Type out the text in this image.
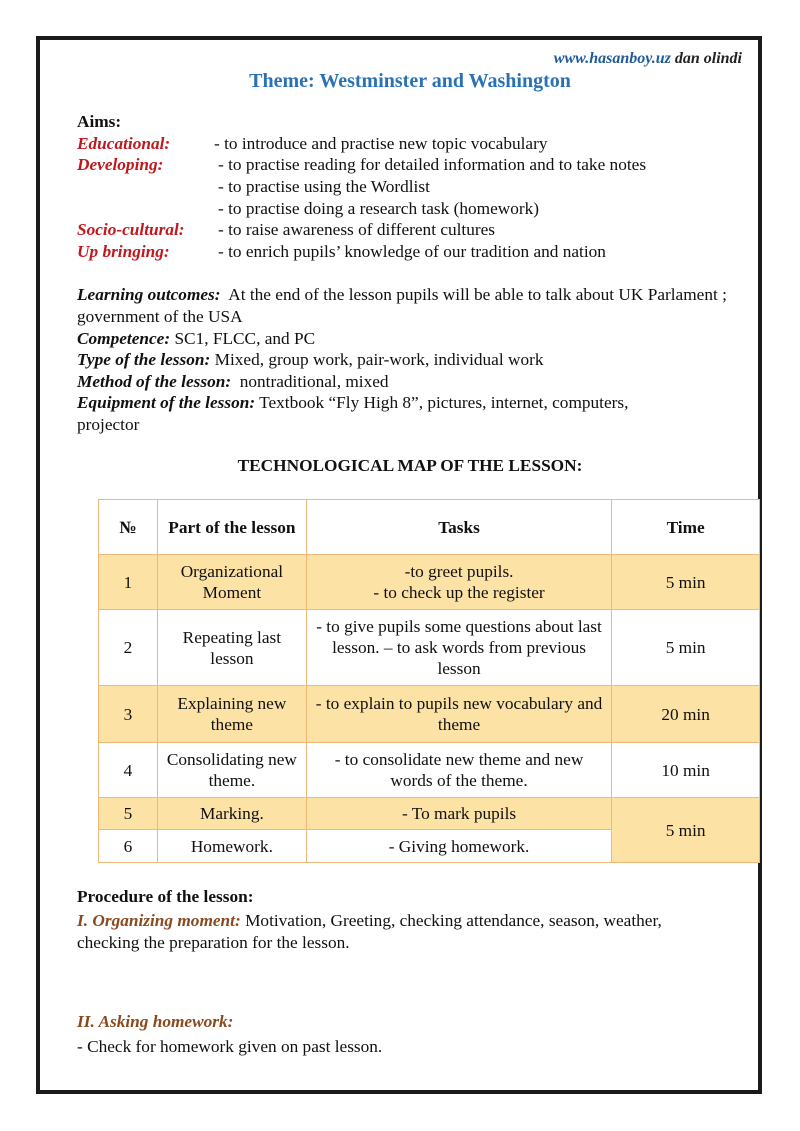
www.hasanboy.uz dan olindi
Theme: Westminster and Washington
Aims:
Educational:	- to introduce and practise new topic vocabulary
Developing:	- to practise reading for detailed information and to take notes
- to practise using the Wordlist
- to practise doing a research task (homework)
Socio-cultural: - to raise awareness of different cultures
Up bringing:	- to enrich pupils’ knowledge of our tradition and nation
Learning outcomes: At the end of the lesson pupils will be able to talk about UK Parlament ; government of the USA
Competence: SC1, FLCC, and PC
Type of the lesson: Mixed, group work, pair-work, individual work
Method of the lesson: nontraditional, mixed
Equipment of the lesson: Textbook “Fly High 8”, pictures, internet, computers, projector
TECHNOLOGICAL MAP OF THE LESSON:
№	Part of the lesson	Tasks	Time
1	Organizational Moment	-to greet pupils.
- to check up the register	5 min
2	Repeating last lesson	- to give pupils some questions about last lesson. – to ask words from previous lesson	5 min
3	Explaining new theme	- to explain to pupils new vocabulary and theme	20 min
4	Consolidating new theme.	- to consolidate new theme and new words of the theme.	10 min
5	Marking.	- To mark pupils	5 min
6	Homework.	- Giving homework.	
Procedure of the lesson:
I. Organizing moment: Motivation, Greeting, checking attendance, season, weather, checking the preparation for the lesson.
II. Asking homework:
- Check for homework given on past lesson.
